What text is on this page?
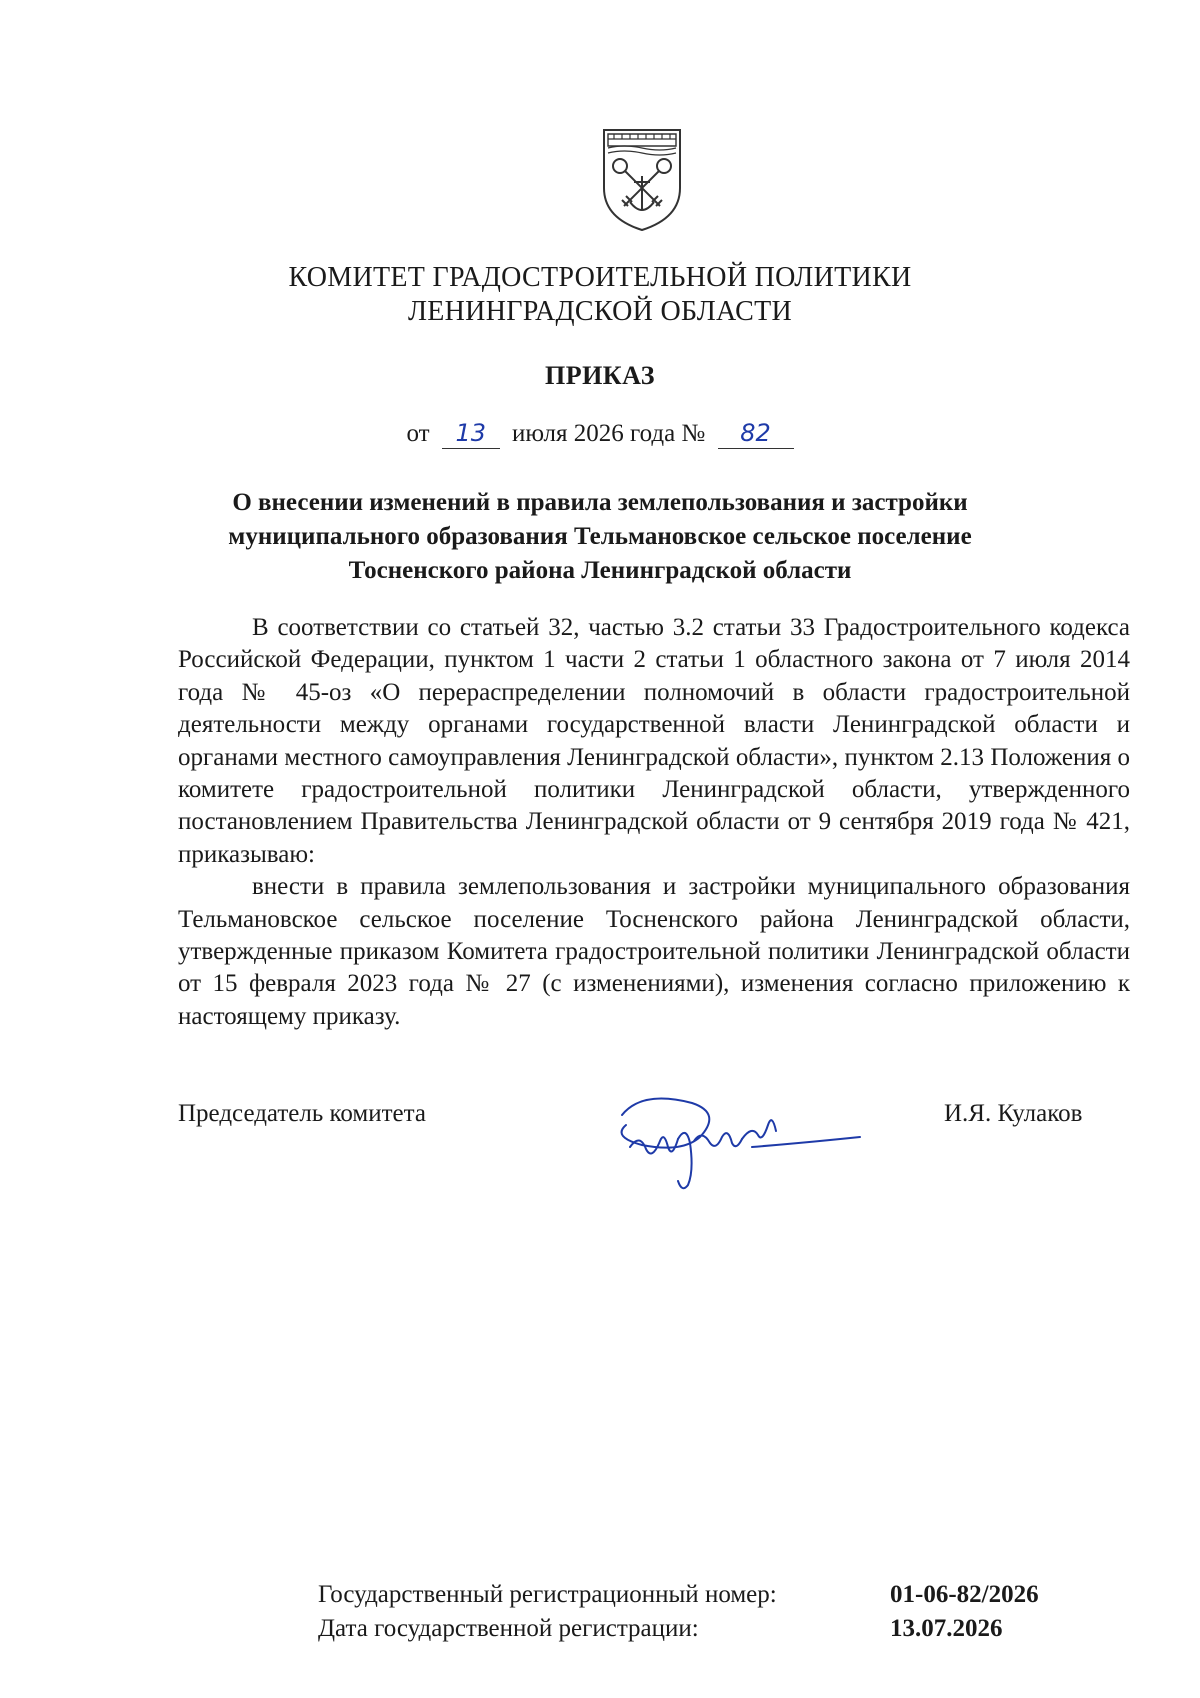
КОМИТЕТ ГРАДОСТРОИТЕЛЬНОЙ ПОЛИТИКИ
ЛЕНИНГРАДСКОЙ ОБЛАСТИ
ПРИКАЗ
от 13 июля 2026 года № 82
О внесении изменений в правила землепользования и застройки
муниципального образования Тельмановское сельское поселение
Тосненского района Ленинградской области

В соответствии со статьей 32, частью 3.2 статьи 33 Градостроительного кодекса Российской Федерации, пунктом 1 части 2 статьи 1 областного закона от 7 июля 2014 года № 45-оз «О перераспределении полномочий в области градостроительной деятельности между органами государственной власти Ленинградской области и органами местного самоуправления Ленинградской области», пунктом 2.13 Положения о комитете градостроительной политики Ленинградской области, утвержденного постановлением Правительства Ленинградской области от 9 сентября 2019 года № 421, приказываю:

внести в правила землепользования и застройки муниципального образования Тельмановское сельское поселение Тосненского района Ленинградской области, утвержденные приказом Комитета градостроительной политики Ленинградской области от 15 февраля 2023 года № 27 (с изменениями), изменения согласно приложению к настоящему приказу.

Председатель комитета	И.Я. Кулаков
Государственный регистрационный номер:	01-06-82/2026
Дата государственной регистрации:	13.07.2026
